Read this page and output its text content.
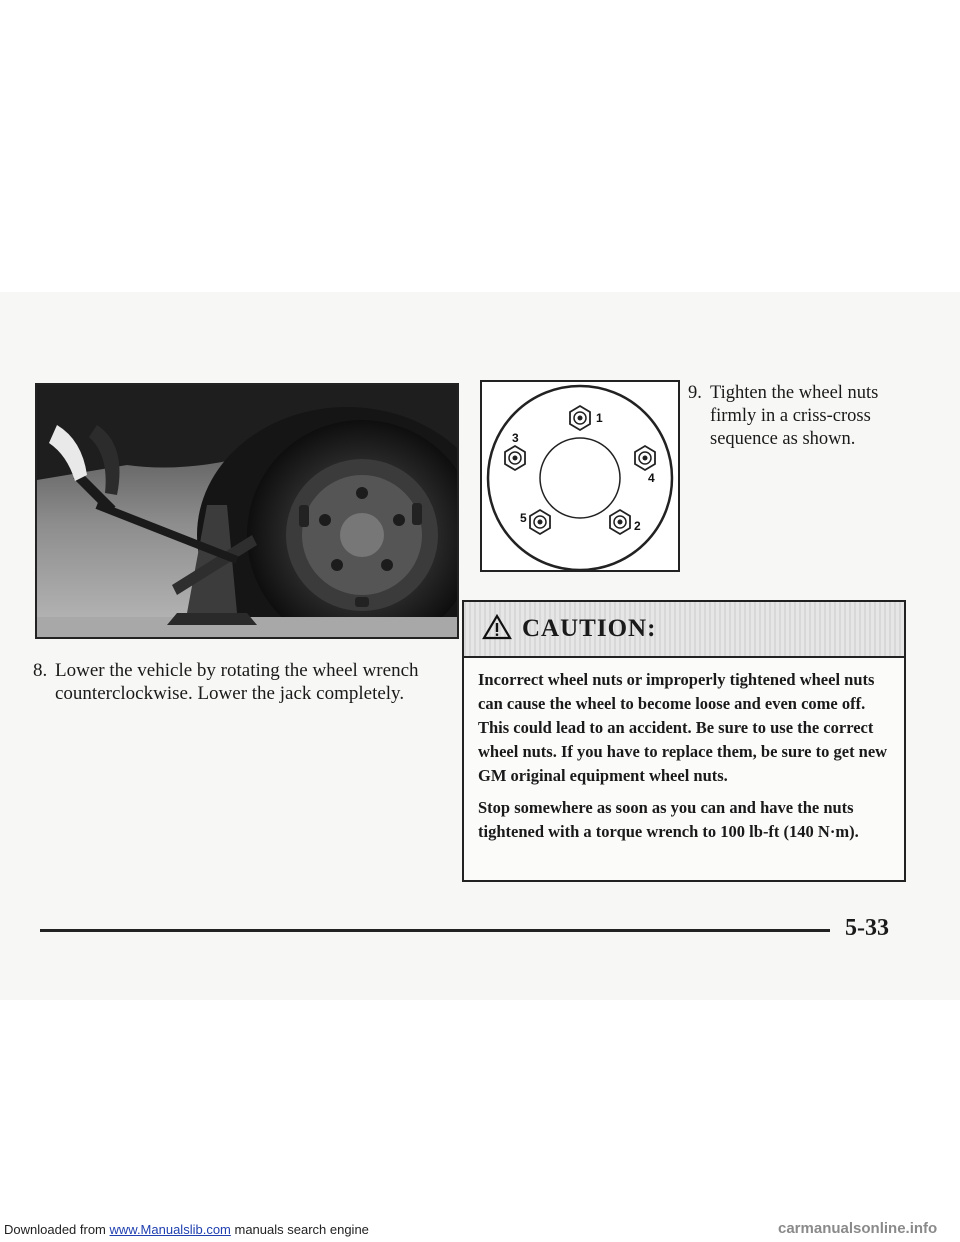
8. Lower the vehicle by rotating the wheel wrench counterclockwise. Lower the jack completely.
1
2
3
4
5
9. Tighten the wheel nuts firmly in a criss-cross sequence as shown.
CAUTION:

Incorrect wheel nuts or improperly tightened wheel nuts can cause the wheel to become loose and even come off. This could lead to an accident. Be sure to use the correct wheel nuts. If you have to replace them, be sure to get new GM original equipment wheel nuts.

Stop somewhere as soon as you can and have the nuts tightened with a torque wrench to 100 lb-ft (140 N·m).

5-33
Downloaded from www.Manualslib.com manuals search engine	carmanualsonline.info
